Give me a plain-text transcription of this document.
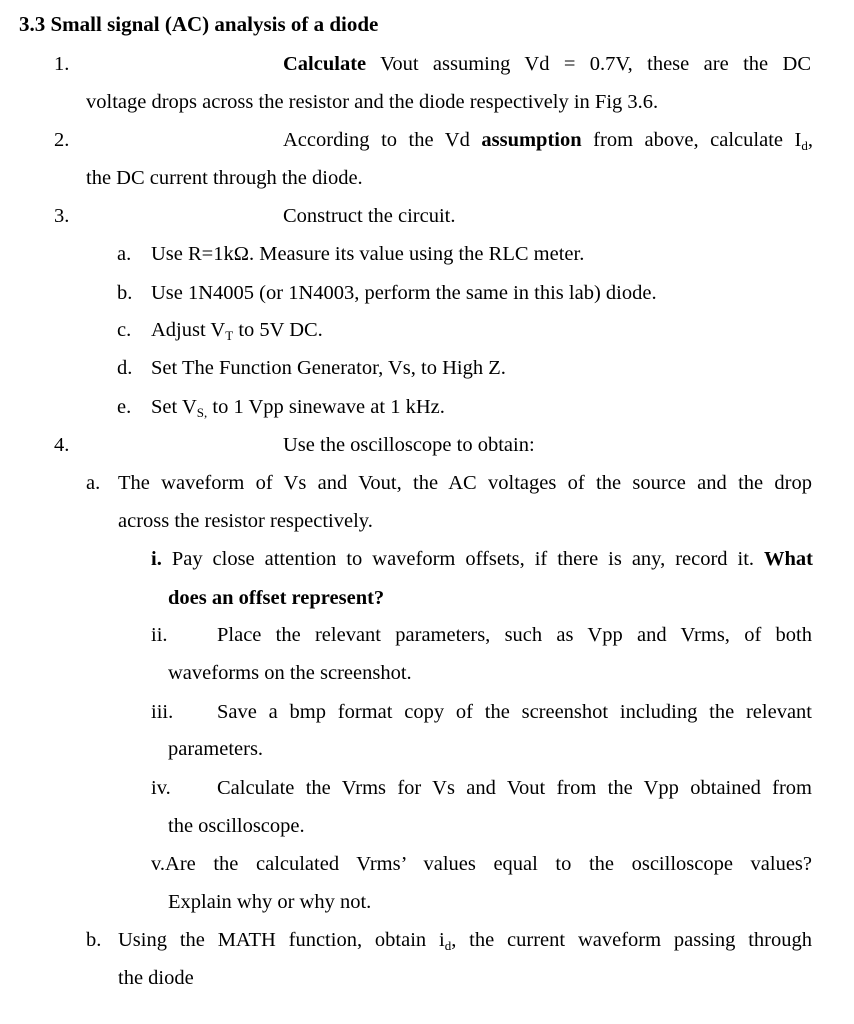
3.3 Small signal (AC) analysis of a diode
1.	Calculate Vout assuming Vd = 0.7V, these are the DC
voltage drops across the resistor and the diode respectively in Fig 3.6.
2.	According to the Vd assumption from above, calculate $I_d$,
the DC current through the diode.
3.	Construct the circuit.
a. Use R=1kΩ. Measure its value using the RLC meter.
b. Use 1N4005 (or 1N4003, perform the same in this lab) diode.
c. Adjust $V_T$ to 5V DC.
d. Set The Function Generator, Vs, to High Z.
e. Set $V_{S,}$ to 1 Vpp sinewave at 1 kHz.
4.	Use the oscilloscope to obtain:
a. The waveform of Vs and Vout, the AC voltages of the source and the drop
across the resistor respectively.
i. Pay close attention to waveform offsets, if there is any, record it. What
does an offset represent?
ii. Place the relevant parameters, such as Vpp and Vrms, of both
waveforms on the screenshot.
iii. Save a bmp format copy of the screenshot including the relevant
parameters.
iv. Calculate the Vrms for Vs and Vout from the Vpp obtained from
the oscilloscope.
v.Are the calculated Vrms’ values equal to the oscilloscope values?
Explain why or why not.
b. Using the MATH function, obtain $i_d$, the current waveform passing through
the diode
